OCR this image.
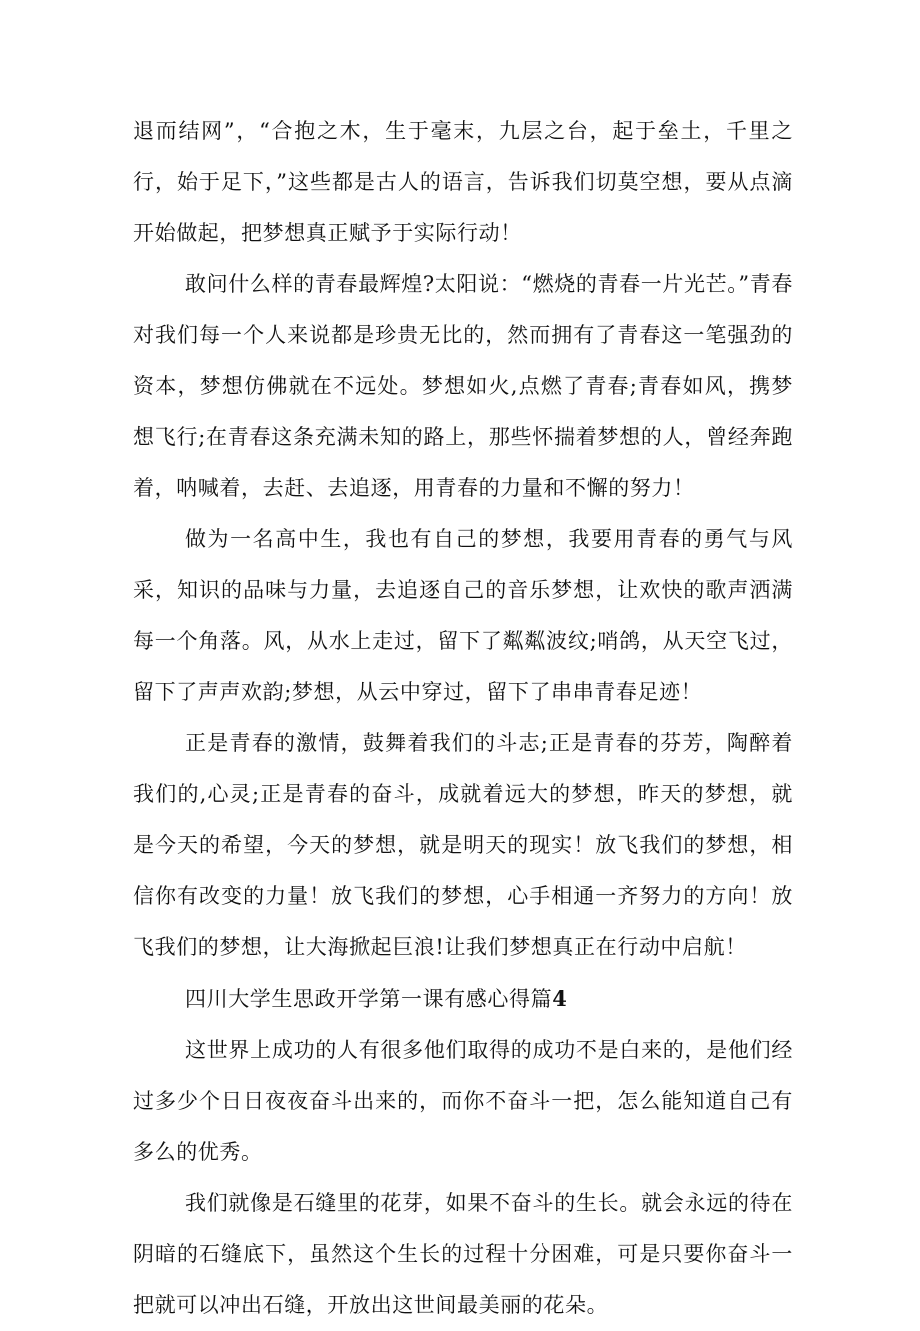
退而结网”，“合抱之木，生于毫末，九层之台，起于垒土，千里之行，始于足下，”这些都是古人的语言，告诉我们切莫空想，要从点滴开始做起，把梦想真正赋予于实际行动！

敢问什么样的青春最辉煌?太阳说：“燃烧的青春一片光芒。”青春对我们每一个人来说都是珍贵无比的，然而拥有了青春这一笔强劲的资本，梦想仿佛就在不远处。梦想如火,点燃了青春;青春如风，携梦想飞行;在青春这条充满未知的路上，那些怀揣着梦想的人，曾经奔跑着，呐喊着，去赶、去追逐，用青春的力量和不懈的努力！

做为一名高中生，我也有自己的梦想，我要用青春的勇气与风采，知识的品味与力量，去追逐自己的音乐梦想，让欢快的歌声洒满每一个角落。风，从水上走过，留下了粼粼波纹;哨鸽，从天空飞过，留下了声声欢韵;梦想，从云中穿过，留下了串串青春足迹！

正是青春的激情，鼓舞着我们的斗志;正是青春的芬芳，陶醉着我们的,心灵;正是青春的奋斗，成就着远大的梦想，昨天的梦想，就是今天的希望，今天的梦想，就是明天的现实！放飞我们的梦想，相信你有改变的力量！放飞我们的梦想，心手相通一齐努力的方向！放飞我们的梦想，让大海掀起巨浪!让我们梦想真正在行动中启航！

四川大学生思政开学第一课有感心得篇4

这世界上成功的人有很多他们取得的成功不是白来的，是他们经过多少个日日夜夜奋斗出来的，而你不奋斗一把，怎么能知道自己有多么的优秀。

我们就像是石缝里的花芽，如果不奋斗的生长。就会永远的待在阴暗的石缝底下，虽然这个生长的过程十分困难，可是只要你奋斗一把就可以冲出石缝，开放出这世间最美丽的花朵。
